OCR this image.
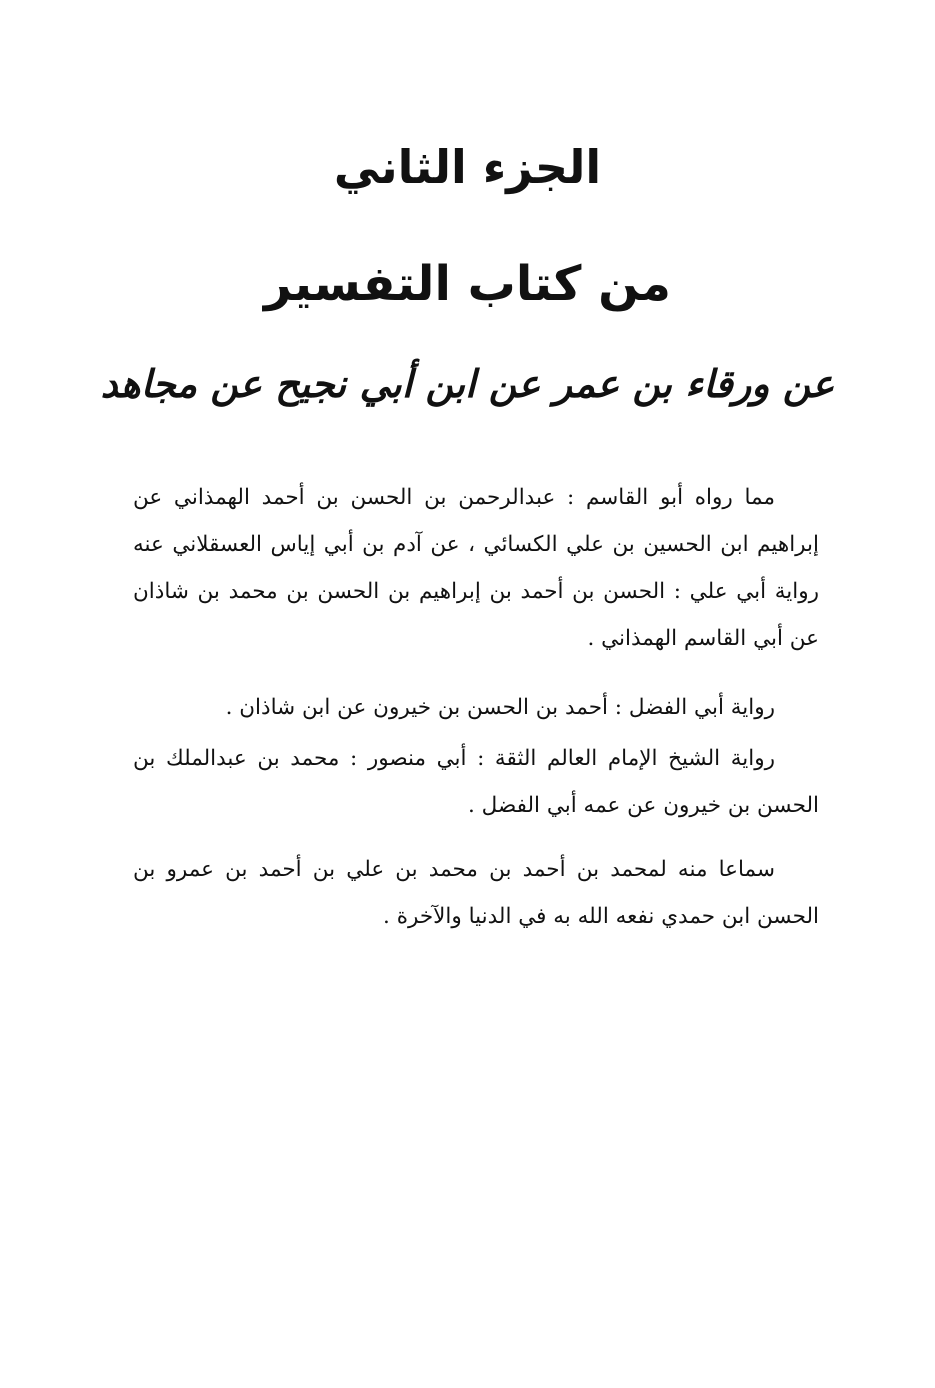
الجزء الثاني
من كتاب التفسير
عن ورقاء بن عمر عن ابن أبي نجيح عن مجاهد

مما رواه أبو القاسم : عبدالرحمن بن الحسن بن أحمد الهمذاني عن إبراهيم ابن الحسين بن علي الكسائي ، عن آدم بن أبي إياس العسقلاني عنه رواية أبي علي : الحسن بن أحمد بن إبراهيم بن الحسن بن محمد بن شاذان عن أبي القاسم الهمذاني .

رواية أبي الفضل : أحمد بن الحسن بن خيرون عن ابن شاذان .

رواية الشيخ الإمام العالم الثقة : أبي منصور : محمد بن عبدالملك بن الحسن بن خيرون عن عمه أبي الفضل .

سماعا منه لمحمد بن أحمد بن محمد بن علي بن أحمد بن عمرو بن الحسن ابن حمدي نفعه الله به في الدنيا والآخرة .
